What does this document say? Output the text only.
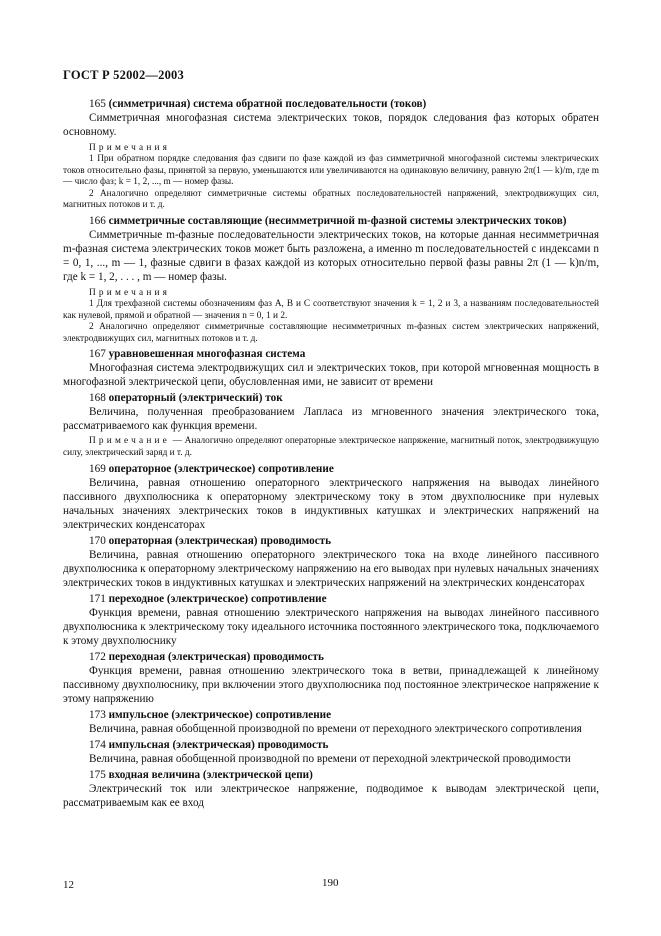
ГОСТ Р 52002—2003

165 (симметричная) система обратной последовательности (токов)

Симметричная многофазная система электрических токов, порядок следования фаз которых обратен основному.

Примечания

1 При обратном порядке следования фаз сдвиги по фазе каждой из фаз симметричной многофазной системы электрических токов относительно фазы, принятой за первую, уменьшаются или увеличиваются на одинаковую величину, равную 2π(1 — k)/m, где m — число фаз; k = 1, 2, ..., m — номер фазы.

2 Аналогично определяют симметричные системы обратных последовательностей напряжений, электродвижущих сил, магнитных потоков и т. д.

166 симметричные составляющие (несимметричной m-фазной системы электрических токов)

Симметричные m-фазные последовательности электрических токов, на которые данная несимметричная m-фазная система электрических токов может быть разложена, а именно m последовательностей с индексами n = 0, 1, ..., m — 1, фазные сдвиги в фазах каждой из которых относительно первой фазы равны 2π (1 — k)n/m, где k = 1, 2, . . . , m — номер фазы.

Примечания

1 Для трехфазной системы обозначениям фаз А, В и С соответствуют значения k = 1, 2 и 3, а названиям последовательностей как нулевой, прямой и обратной — значения n = 0, 1 и 2.

2 Аналогично определяют симметричные составляющие несимметричных m-фазных систем электрических напряжений, электродвижущих сил, магнитных потоков и т. д.

167 уравновешенная многофазная система

Многофазная система электродвижущих сил и электрических токов, при которой мгновенная мощность в многофазной электрической цепи, обусловленная ими, не зависит от времени

168 операторный (электрический) ток

Величина, полученная преобразованием Лапласа из мгновенного значения электрического тока, рассматриваемого как функция времени.

Примечание — Аналогично определяют операторные электрическое напряжение, магнитный поток, электродвижущую силу, электрический заряд и т. д.

169 операторное (электрическое) сопротивление

Величина, равная отношению операторного электрического напряжения на выводах линейного пассивного двухполюсника к операторному электрическому току в этом двухполюснике при нулевых начальных значениях электрических токов в индуктивных катушках и электрических напряжений на электрических конденсаторах

170 операторная (электрическая) проводимость

Величина, равная отношению операторного электрического тока на входе линейного пассивного двухполюсника к операторному электрическому напряжению на его выводах при нулевых начальных значениях электрических токов в индуктивных катушках и электрических напряжений на электрических конденсаторах

171 переходное (электрическое) сопротивление

Функция времени, равная отношению электрического напряжения на выводах линейного пассивного двухполюсника к электрическому току идеального источника постоянного электрического тока, подключаемого к этому двухполюснику

172 переходная (электрическая) проводимость

Функция времени, равная отношению электрического тока в ветви, принадлежащей к линейному пассивному двухполюснику, при включении этого двухполюсника под постоянное электрическое напряжение к этому напряжению

173 импульсное (электрическое) сопротивление

Величина, равная обобщенной производной по времени от переходного электрического сопротивления

174 импульсная (электрическая) проводимость

Величина, равная обобщенной производной по времени от переходной электрической проводимости

175 входная величина (электрической цепи)

Электрический ток или электрическое напряжение, подводимое к выводам электрической цепи, рассматриваемым как ее вход

12	190
